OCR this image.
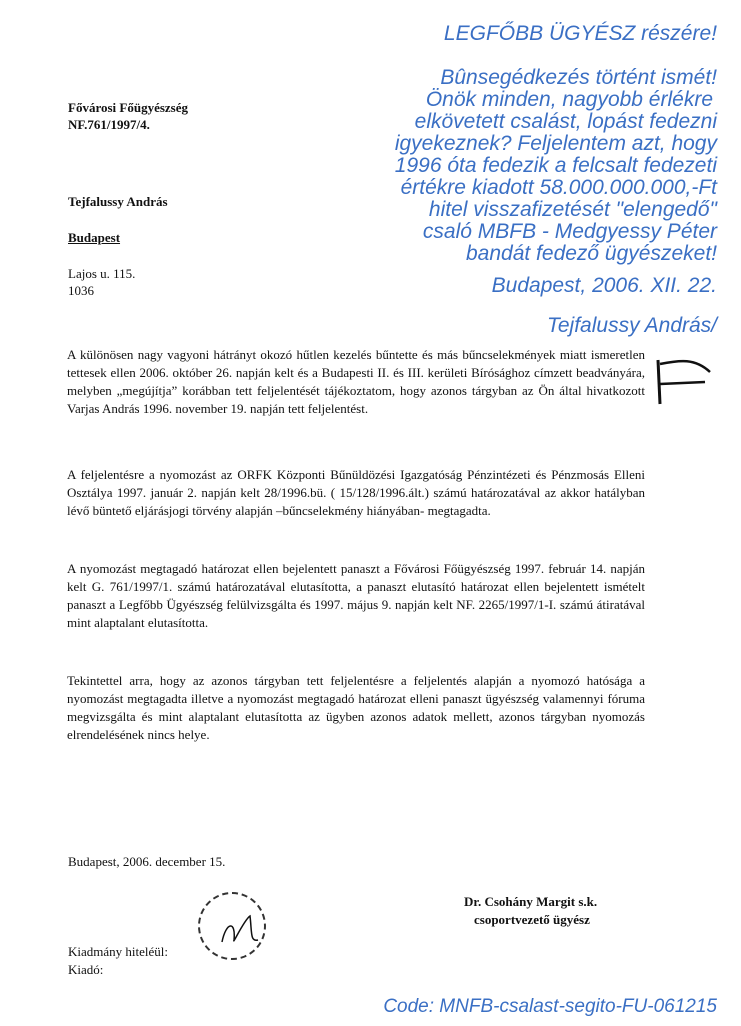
LEGFŐBB ÜGYÉSZ részére!
Bûnsegédkezés történt ismét!
Önök minden, nagyobb érlékre
elkövetett csalást, lopást fedezni
igyekeznek? Feljelentem azt, hogy
1996 óta fedezik a felcsalt fedezeti
értékre kiadott 58.000.000.000,-Ft
hitel visszafizetését "elengedő"
csaló MBFB - Medgyessy Péter
bandát fedező ügyészeket!
Budapest, 2006. XII. 22.
Tejfalussy András/
Fővárosi Főügyészség
NF.761/1997/4.
Tejfalussy András
Budapest
Lajos u. 115.
1036

A különösen nagy vagyoni hátrányt okozó hűtlen kezelés bűntette és más bűncselekmények miatt ismeretlen tettesek ellen 2006. október 26. napján kelt és a Budapesti II. és III. kerületi Bírósághoz címzett beadványára, melyben „megújítja” korábban tett feljelentését tájékoztatom, hogy azonos tárgyban az Ön által hivatkozott Varjas András 1996. november 19. napján tett feljelentést.

A feljelentésre a nyomozást az ORFK Központi Bűnüldözési Igazgatóság Pénzintézeti és Pénzmosás Elleni Osztálya 1997. január 2. napján kelt 28/1996.bü. ( 15/128/1996.ált.) számú határozatával az akkor hatályban lévő büntető eljárásjogi törvény alapján –bűncselekmény hiányában- megtagadta.

A nyomozást megtagadó határozat ellen bejelentett panaszt a Fővárosi Főügyészség 1997. február 14. napján kelt G. 761/1997/1. számú határozatával elutasította, a panaszt elutasító határozat ellen bejelentett ismételt panaszt a Legfőbb Ügyészség felülvizsgálta és 1997. május 9. napján kelt NF. 2265/1997/1-I. számú átiratával mint alaptalant elutasította.

Tekintettel arra, hogy az azonos tárgyban tett feljelentésre a feljelentés alapján a nyomozó hatósága a nyomozást megtagadta illetve a nyomozást megtagadó határozat elleni panaszt ügyészség valamennyi fóruma megvizsgálta és mint alaptalant elutasította az ügyben azonos adatok mellett, azonos tárgyban nyomozás elrendelésének nincs helye.

Budapest, 2006. december 15.
Dr. Csohány Margit s.k.
csoportvezető ügyész
Kiadmány hiteléül:
Kiadó:
Code: MNFB-csalast-segito-FU-061215
